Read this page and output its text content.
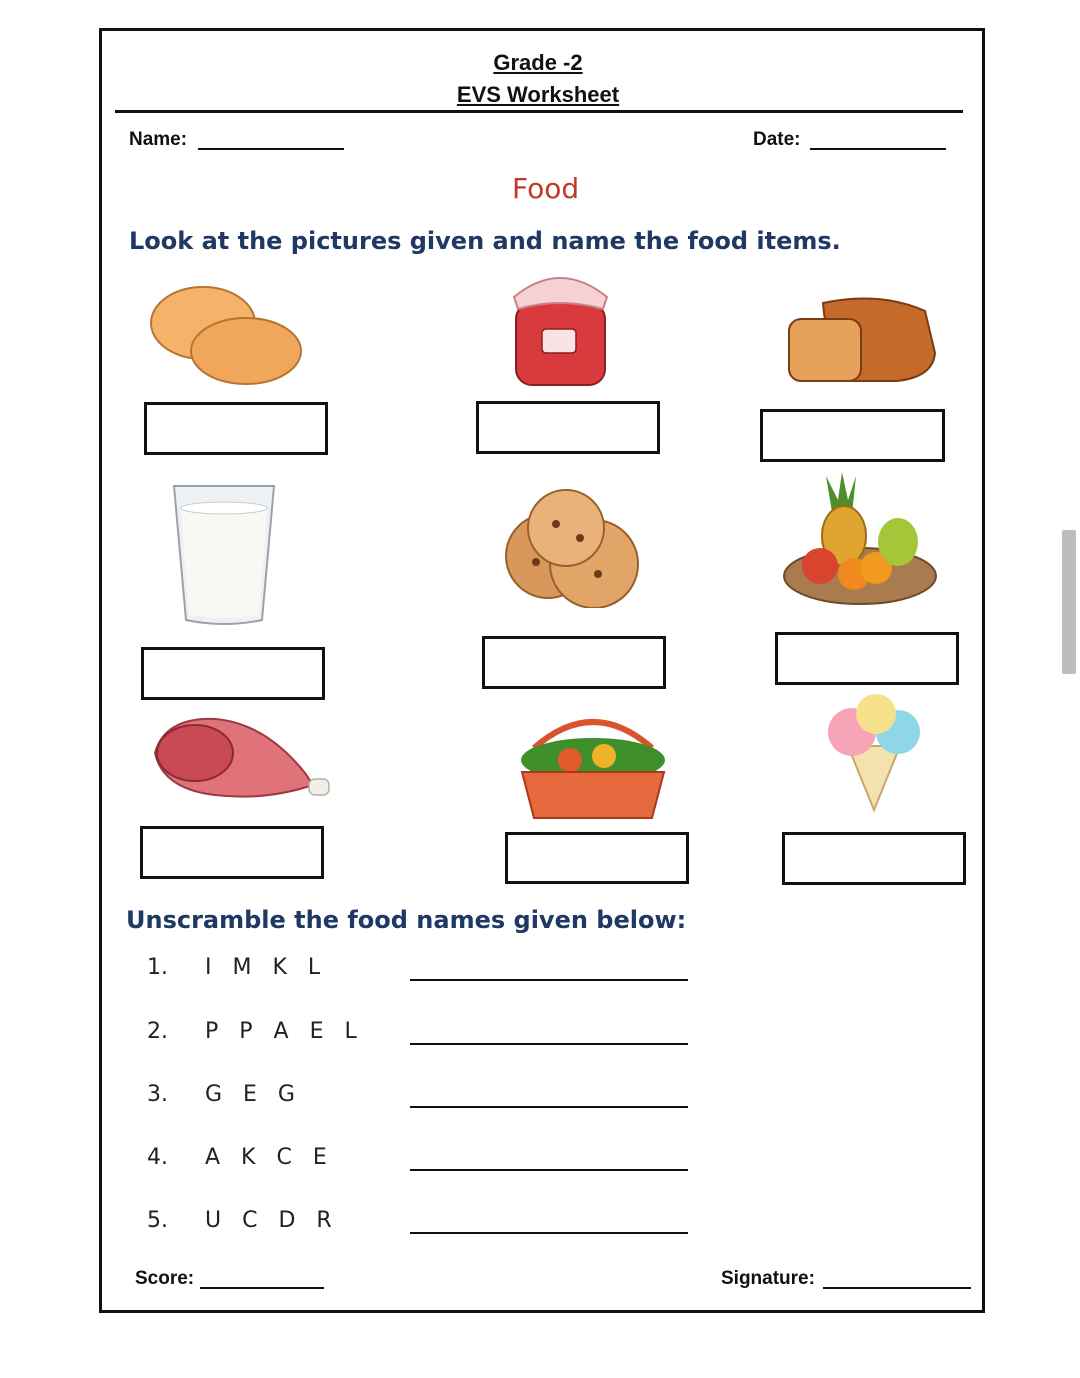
Grade -2
EVS Worksheet
Name:	Date:
Food
Look at the pictures given and name the food items.
Unscramble the food names given below:
1. I M K L
2. P P A E L
3. G E G
4. A K C E
5. U C D R
Score:	Signature:
